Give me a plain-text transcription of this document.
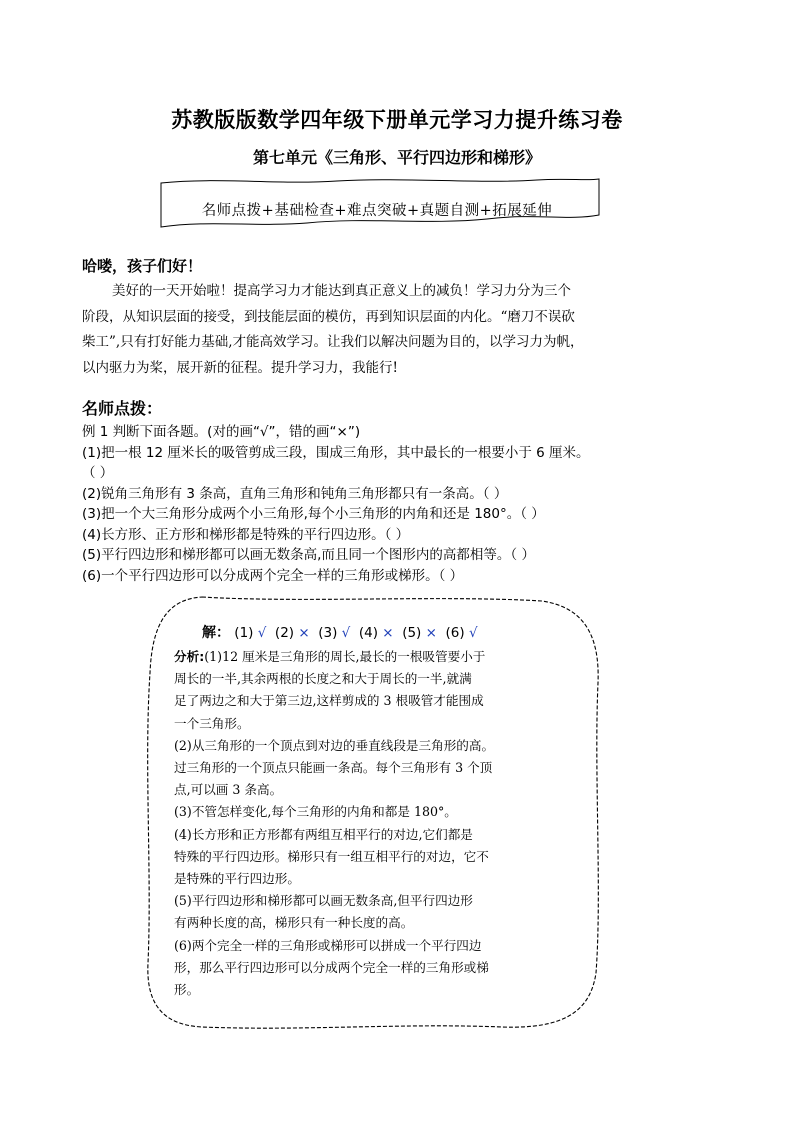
苏教版版数学四年级下册单元学习力提升练习卷
第七单元《三角形、平行四边形和梯形》
名师点拨+基础检查+难点突破+真题自测+拓展延伸
哈喽，孩子们好！
美好的一天开始啦！提高学习力才能达到真正意义上的减负！学习力分为三个
阶段，从知识层面的接受，到技能层面的模仿，再到知识层面的内化。“磨刀不误砍
柴工”,只有打好能力基础,才能高效学习。让我们以解决问题为目的，以学习力为帆，
以内驱力为桨，展开新的征程。提升学习力，我能行!
名师点拨：
例 1 判断下面各题。(对的画“√”，错的画“×”)
(1)把一根 12 厘米长的吸管剪成三段，围成三角形，其中最长的一根要小于 6 厘米。
（ ）
(2)锐角三角形有 3 条高，直角三角形和钝角三角形都只有一条高。（ ）
(3)把一个大三角形分成两个小三角形,每个小三角形的内角和还是 180°。（ ）
(4)长方形、正方形和梯形都是特殊的平行四边形。（ ）
(5)平行四边形和梯形都可以画无数条高,而且同一个图形内的高都相等。（ ）
(6)一个平行四边形可以分成两个完全一样的三角形或梯形。（ ）
解： (1) √ (2) × (3) √ (4) × (5) × (6) √

分析:(1)12 厘米是三角形的周长,最长的一根吸管要小于

周长的一半,其余两根的长度之和大于周长的一半,就满

足了两边之和大于第三边,这样剪成的 3 根吸管才能围成

一个三角形。

(2)从三角形的一个顶点到对边的垂直线段是三角形的高。

过三角形的一个顶点只能画一条高。每个三角形有 3 个顶

点,可以画 3 条高。

(3)不管怎样变化,每个三角形的内角和都是 180°。

(4)长方形和正方形都有两组互相平行的对边,它们都是

特殊的平行四边形。梯形只有一组互相平行的对边，它不

是特殊的平行四边形。

(5)平行四边形和梯形都可以画无数条高,但平行四边形

有两种长度的高，梯形只有一种长度的高。

(6)两个完全一样的三角形或梯形可以拼成一个平行四边

形，那么平行四边形可以分成两个完全一样的三角形或梯

形。
